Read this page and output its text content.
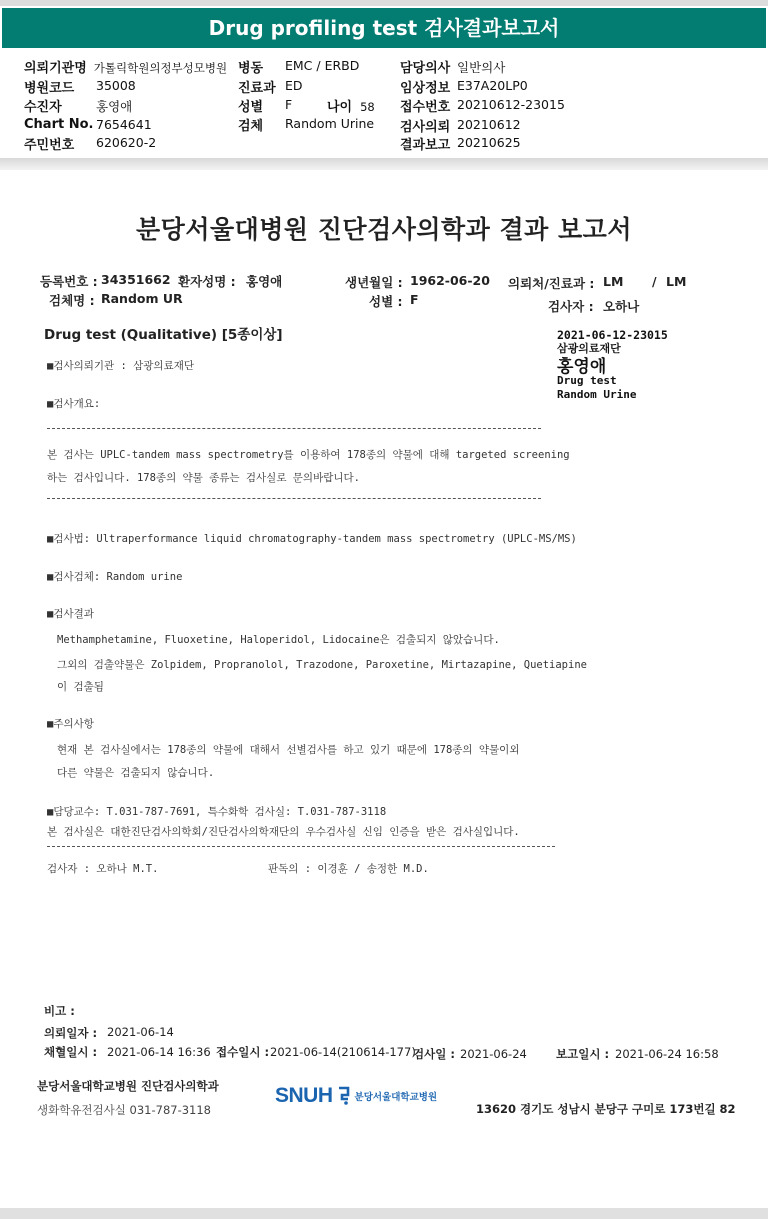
Drug profiling test 검사결과보고서
의뢰기관명 가톨릭학원의정부성모병원
병원코드 35008
수진자	홍영애
Chart No. 7654641
주민번호 620620-2
병동 EMC / ERBD
진료과 ED
성별 F	나이 58
검체 Random Urine
담당의사 일반의사
임상정보 E37A20LP0
접수번호 20210612-23015
검사의뢰 20210612
결과보고 20210625
분당서울대병원 진단검사의학과 결과 보고서
등록번호 : 34351662 환자성명 : 홍영애	생년월일 : 1962-06-20 의뢰처/진료과 : LM / LM
검체명 : Random UR	성별 : F	검사자 : 오하나
Drug test (Qualitative) [5종이상]	2021-06-12-23015
삼광의료재단
홍영애
Drug test
Random Urine
■검사의뢰기관 : 삼광의료재단
■검사개요:
본 검사는 UPLC-tandem mass spectrometry를 이용하여 178종의 약물에 대해 targeted screening
하는 검사입니다. 178종의 약물 종류는 검사실로 문의바랍니다.
■검사법: Ultraperformance liquid chromatography-tandem mass spectrometry (UPLC-MS/MS)
■검사검체: Random urine
■검사결과
Methamphetamine, Fluoxetine, Haloperidol, Lidocaine은 검출되지 않았습니다.
그외의 검출약물은 Zolpidem, Propranolol, Trazodone, Paroxetine, Mirtazapine, Quetiapine
이 검출됨
■주의사항
현재 본 검사실에서는 178종의 약물에 대해서 선별검사를 하고 있기 때문에 178종의 약물이외
다른 약물은 검출되지 않습니다.
■담당교수: T.031-787-7691, 특수화학 검사실: T.031-787-3118
본 검사실은 대한진단검사의학회/진단검사의학재단의 우수검사실 신임 인증을 받은 검사실입니다.
검사자 : 오하나 M.T.	판독의 : 이경훈 / 송정한 M.D.
비고 :
의뢰일자 : 2021-06-14
채혈일시 : 2021-06-14 16:36 접수일시 : 2021-06-14(210614-177)
검사일 : 2021-06-24	보고일시 : 2021-06-24 16:58
분당서울대학교병원 진단검사의학과
생화학유전검사실 031-787-3118
SNUH 분당서울대학교병원
13620 경기도 성남시 분당구 구미로 173번길 82
